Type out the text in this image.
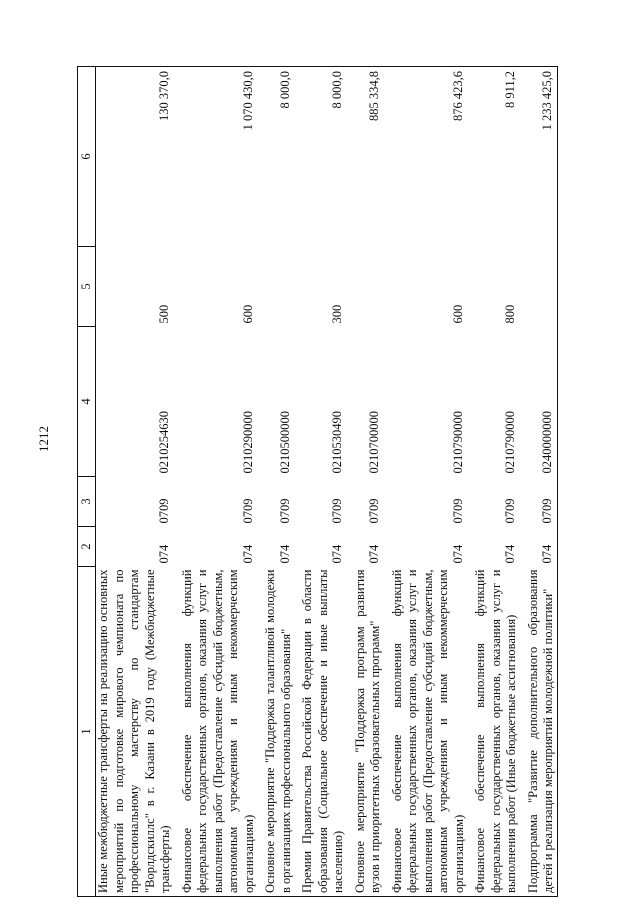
1212
1	2	3	4	5	6
Иные межбюджетные трансферты на реализацию основных мероприятий по подготовке мирового чемпионата по профессиональному мастерству по стандартам "Ворлдскиллс" в г. Казани в 2019 году (Межбюджетные трансферты)	074	0709	0210254630	500	130 370,0

Финансовое обеспечение выполнения функций федеральных государственных органов, оказания услуг и выполнения работ (Предоставление субсидий бюджетным, автономным учреждениям и иным некоммерческим организациям)	074	0709	0210290000	600	1 070 430,0

Основное мероприятие "Поддержка талантливой молодежи в организациях профессионального образования"	074	0709	0210500000		8 000,0

Премии Правительства Российской Федерации в области образования (Социальное обеспечение и иные выплаты населению)	074	0709	0210530490	300	8 000,0

Основное мероприятие "Поддержка программ развития вузов и приоритетных образовательных программ"	074	0709	0210700000		885 334,8

Финансовое обеспечение выполнения функций федеральных государственных органов, оказания услуг и выполнения работ (Предоставление субсидий бюджетным, автономным учреждениям и иным некоммерческим организациям)	074	0709	0210790000	600	876 423,6

Финансовое обеспечение выполнения функций федеральных государственных органов, оказания услуг и выполнения работ (Иные бюджетные ассигнования)	074	0709	0210790000	800	8 911,2

Подпрограмма "Развитие дополнительного образования детей и реализация мероприятий молодежной политики"	074	0709	0240000000		1 233 425,0
